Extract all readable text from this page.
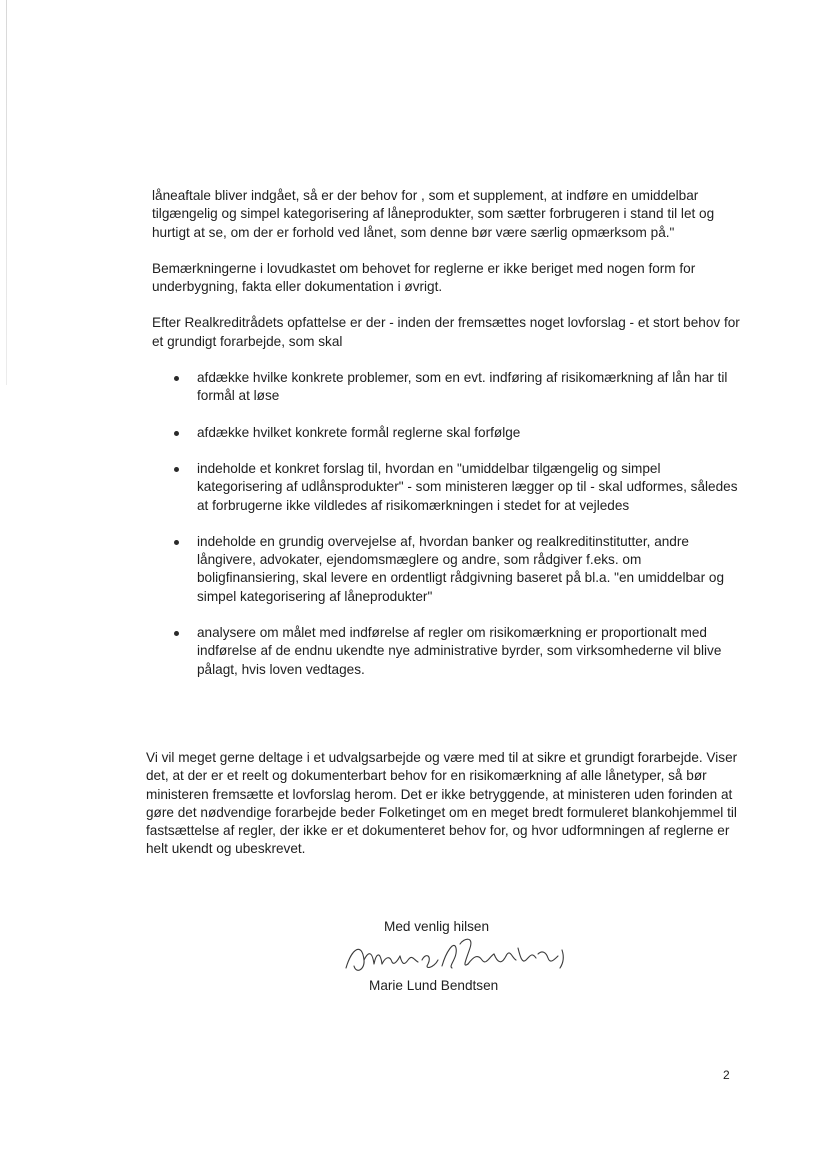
låneaftale bliver indgået, så er der behov for , som et supplement, at indføre en umiddelbar tilgængelig og simpel kategorisering af låneprodukter, som sætter forbrugeren i stand til let og hurtigt at se, om der er forhold ved lånet, som denne bør være særlig opmærksom på."

Bemærkningerne i lovudkastet om behovet for reglerne er ikke beriget med nogen form for underbygning, fakta eller dokumentation i øvrigt.

Efter Realkreditrådets opfattelse er der - inden der fremsættes noget lovforslag - et stort behov for et grundigt forarbejde, som skal

afdække hvilke konkrete problemer, som en evt. indføring af risikomærkning af lån har til formål at løse
afdække hvilket konkrete formål reglerne skal forfølge
indeholde et konkret forslag til, hvordan en "umiddelbar tilgængelig og simpel kategorisering af udlånsprodukter" - som ministeren lægger op til - skal udformes, således at forbrugerne ikke vildledes af risikomærkningen i stedet for at vejledes
indeholde en grundig overvejelse af, hvordan banker og realkreditinstitutter, andre långivere, advokater, ejendomsmæglere og andre, som rådgiver f.eks. om boligfinansiering, skal levere en ordentligt rådgivning baseret på bl.a. "en umiddelbar og simpel kategorisering af låneprodukter"
analysere om målet med indførelse af regler om risikomærkning er proportionalt med indførelse af de endnu ukendte nye administrative byrder, som virksomhederne vil blive pålagt, hvis loven vedtages.

Vi vil meget gerne deltage i et udvalgsarbejde og være med til at sikre et grundigt forarbejde. Viser det, at der er et reelt og dokumenterbart behov for en risikomærkning af alle lånetyper, så bør ministeren fremsætte et lovforslag herom. Det er ikke betryggende, at ministeren uden forinden at gøre det nødvendige forarbejde beder Folketinget om en meget bredt formuleret blankohjemmel til fastsættelse af regler, der ikke er et dokumenteret behov for, og hvor udformningen af reglerne er helt ukendt og ubeskrevet.

Med venlig hilsen

Marie Lund Bendtsen

2
